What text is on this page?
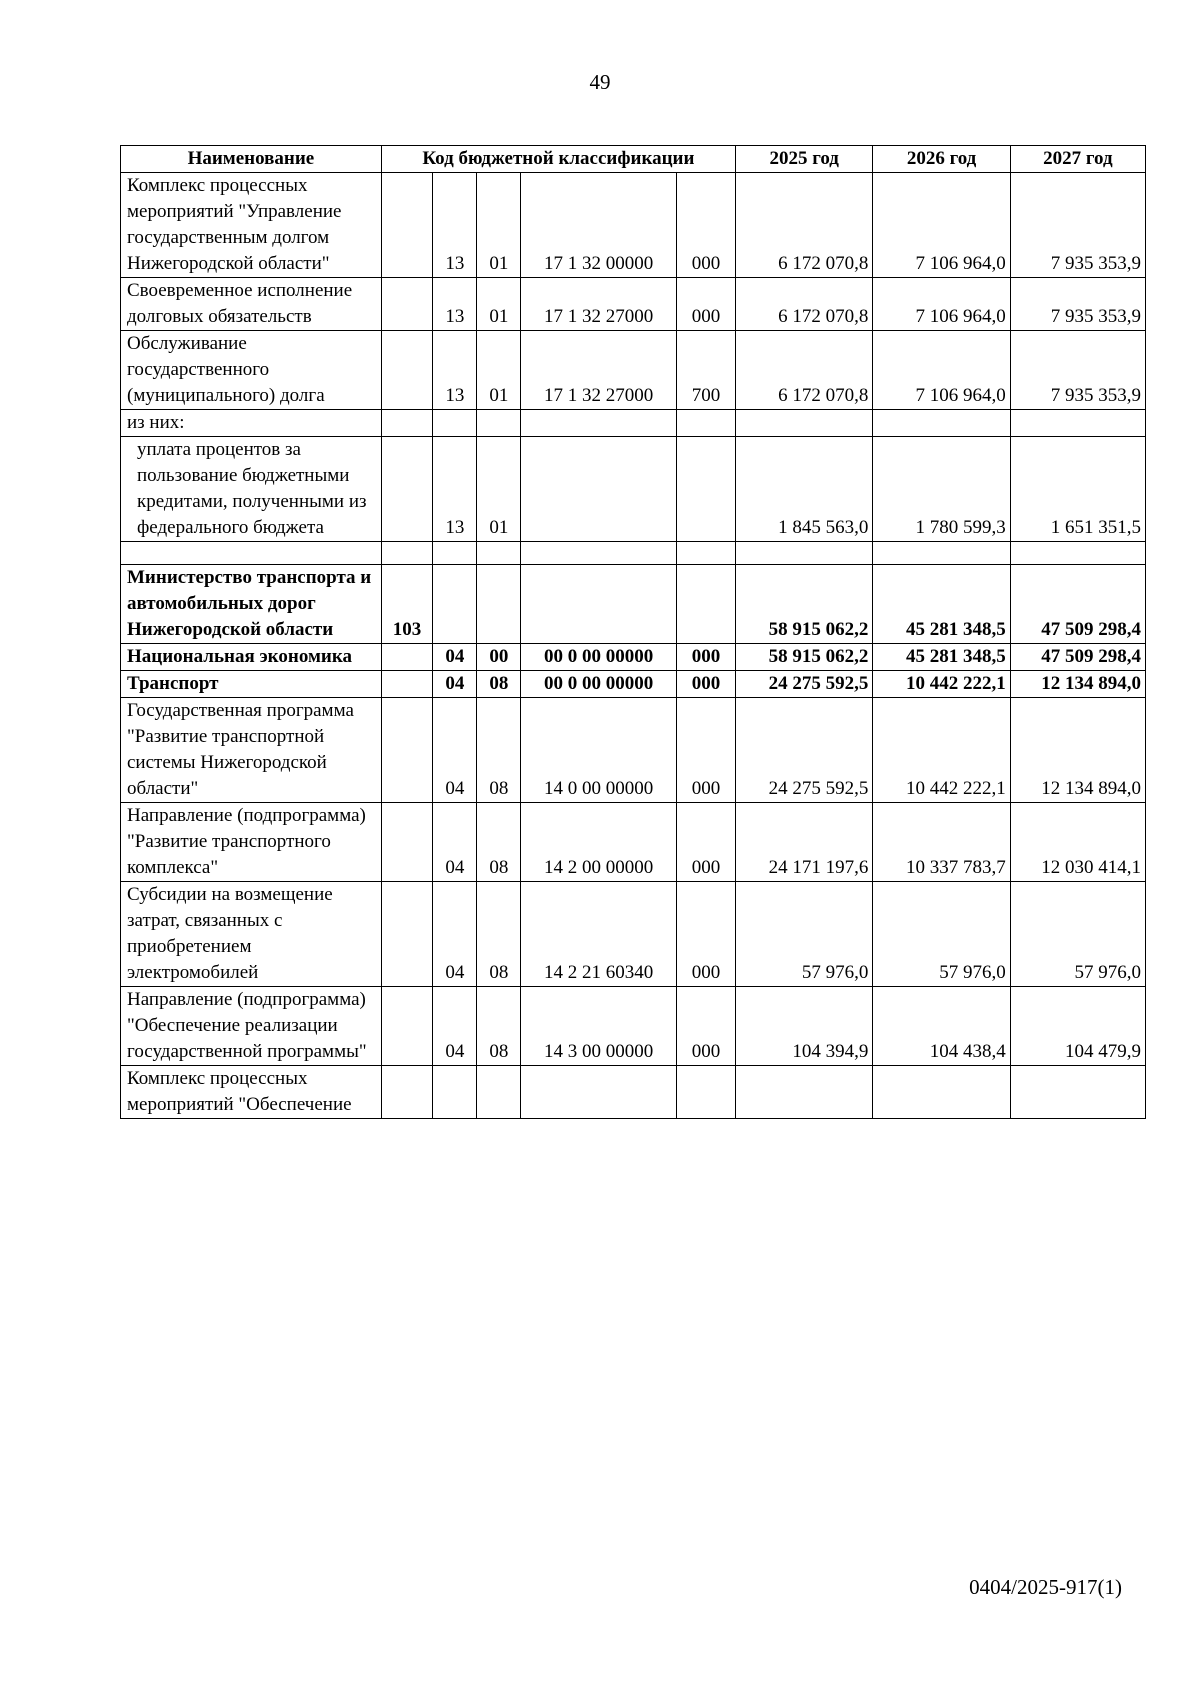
49
Наименование	Код бюджетной классификации					2025 год	2026 год	2027 год
Комплекс процессных мероприятий "Управление государственным долгом Нижегородской области"		13	01	17 1 32 00000	000	6 172 070,8	7 106 964,0	7 935 353,9
Своевременное исполнение долговых обязательств		13	01	17 1 32 27000	000	6 172 070,8	7 106 964,0	7 935 353,9
Обслуживание государственного (муниципального) долга		13	01	17 1 32 27000	700	6 172 070,8	7 106 964,0	7 935 353,9
из них:								
уплата процентов за пользование бюджетными кредитами, полученными из федерального бюджета		13	01			1 845 563,0	1 780 599,3	1 651 351,5

Министерство транспорта и автомобильных дорог Нижегородской области	103					58 915 062,2	45 281 348,5	47 509 298,4
Национальная экономика		04	00	00 0 00 00000	000	58 915 062,2	45 281 348,5	47 509 298,4
Транспорт		04	08	00 0 00 00000	000	24 275 592,5	10 442 222,1	12 134 894,0
Государственная программа "Развитие транспортной системы Нижегородской области"		04	08	14 0 00 00000	000	24 275 592,5	10 442 222,1	12 134 894,0
Направление (подпрограмма) "Развитие транспортного комплекса"		04	08	14 2 00 00000	000	24 171 197,6	10 337 783,7	12 030 414,1
Субсидии на возмещение затрат, связанных с приобретением электромобилей		04	08	14 2 21 60340	000	57 976,0	57 976,0	57 976,0
Направление (подпрограмма) "Обеспечение реализации государственной программы"		04	08	14 3 00 00000	000	104 394,9	104 438,4	104 479,9
Комплекс процессных мероприятий "Обеспечение								
0404/2025-917(1)
